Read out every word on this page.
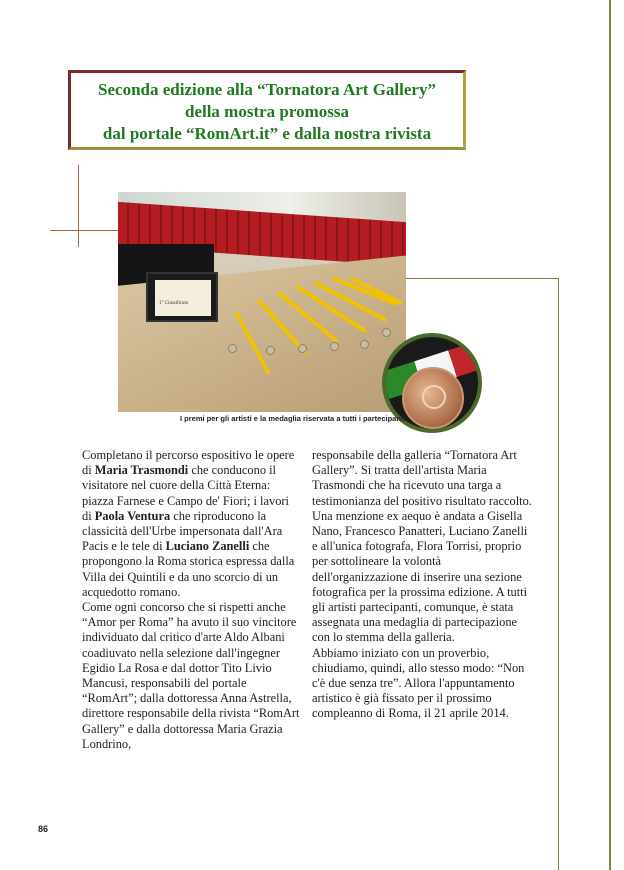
Seconda edizione alla “Tornatora Art Gallery”
della mostra promossa
dal portale “RomArt.it” e dalla nostra rivista
1° Classificato
I premi per gli artisti e la medaglia riservata a tutti i partecipanti
Completano il percorso espositivo le opere di Maria Trasmondi che conducono il visitatore nel cuore della Città Eterna: piazza Farnese e Campo de' Fiori; i lavori di Paola Ventura che riproducono la classicità dell'Urbe impersonata dall'Ara Pacis e le tele di Luciano Zanelli che propongono la Roma storica espressa dalla Villa dei Quintili e da uno scorcio di un acquedotto romano.
Come ogni concorso che si rispetti anche “Amor per Roma” ha avuto il suo vincitore individuato dal critico d'arte Aldo Albani coadiuvato nella selezione dall'ingegner Egidio La Rosa e dal dottor Tito Livio Mancusi, responsabili del portale “RomArt”; dalla dottoressa Anna Astrella, direttore responsabile della rivista “RomArt Gallery” e dalla dottoressa Maria Grazia Londrino,
responsabile della galleria “Tornatora Art Gallery”. Si tratta dell'artista Maria Trasmondi che ha ricevuto una targa a testimonianza del positivo risultato raccolto.
Una menzione ex aequo è andata a Gisella Nano, Francesco Panatteri, Luciano Zanelli e all'unica fotografa, Flora Torrisi, proprio per sottolineare la volontà dell'organizzazione di inserire una sezione fotografica per la prossima edizione. A tutti gli artisti partecipanti, comunque, è stata assegnata una medaglia di partecipazione con lo stemma della galleria.
Abbiamo iniziato con un proverbio, chiudiamo, quindi, allo stesso modo: “Non c'è due senza tre”. Allora l'appuntamento artistico è già fissato per il prossimo compleanno di Roma, il 21 aprile 2014.
86
